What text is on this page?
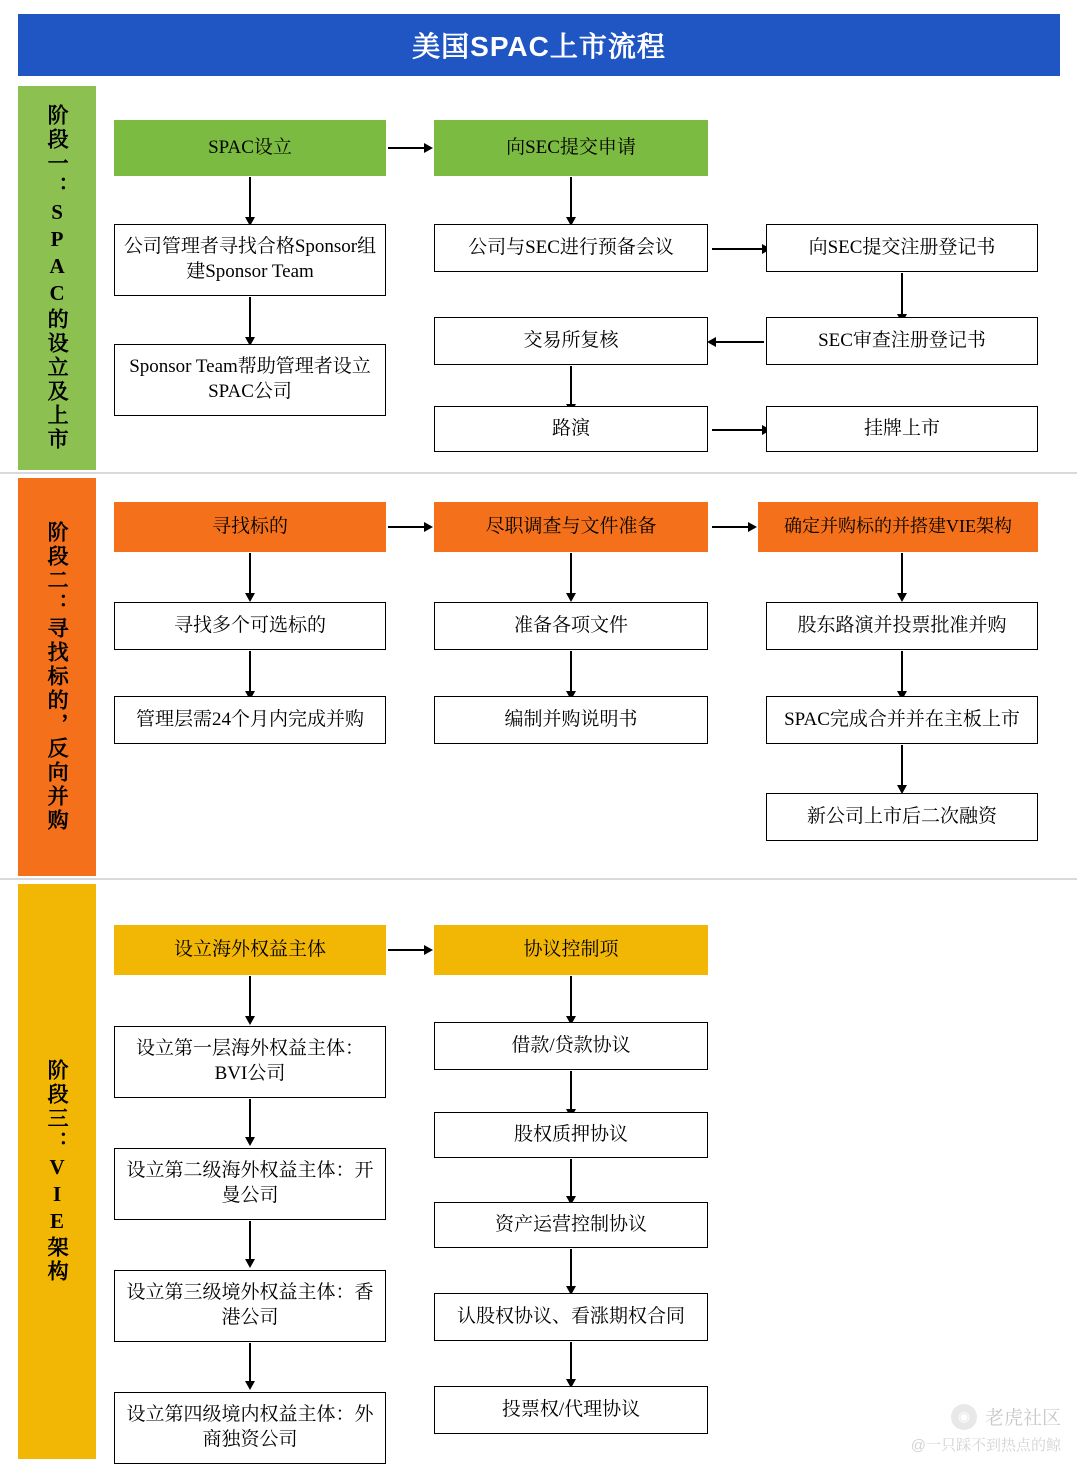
美国SPAC上市流程
阶段一：SPAC的设立及上市
阶段二：寻找标的，反向并购
阶段三：VIE架构
SPAC设立	向SEC提交申请
公司管理者寻找合格Sponsor组建Sponsor Team
Sponsor Team帮助管理者设立SPAC公司
公司与SEC进行预备会议	向SEC提交注册登记书
SEC审查注册登记书
交易所复核
路演	挂牌上市
寻找标的	尽职调查与文件准备	确定并购标的并搭建VIE架构
寻找多个可选标的
管理层需24个月内完成并购
准备各项文件
编制并购说明书
股东路演并投票批准并购
SPAC完成合并并在主板上市
新公司上市后二次融资
设立海外权益主体	协议控制项
设立第一层海外权益主体：BVI公司
设立第二级海外权益主体：开曼公司
设立第三级境外权益主体：香港公司
设立第四级境内权益主体：外商独资公司
借款/贷款协议
股权质押协议
资产运营控制协议
认股权协议、看涨期权合同
投票权/代理协议	◉ 老虎社区
@一只踩不到热点的鲸
